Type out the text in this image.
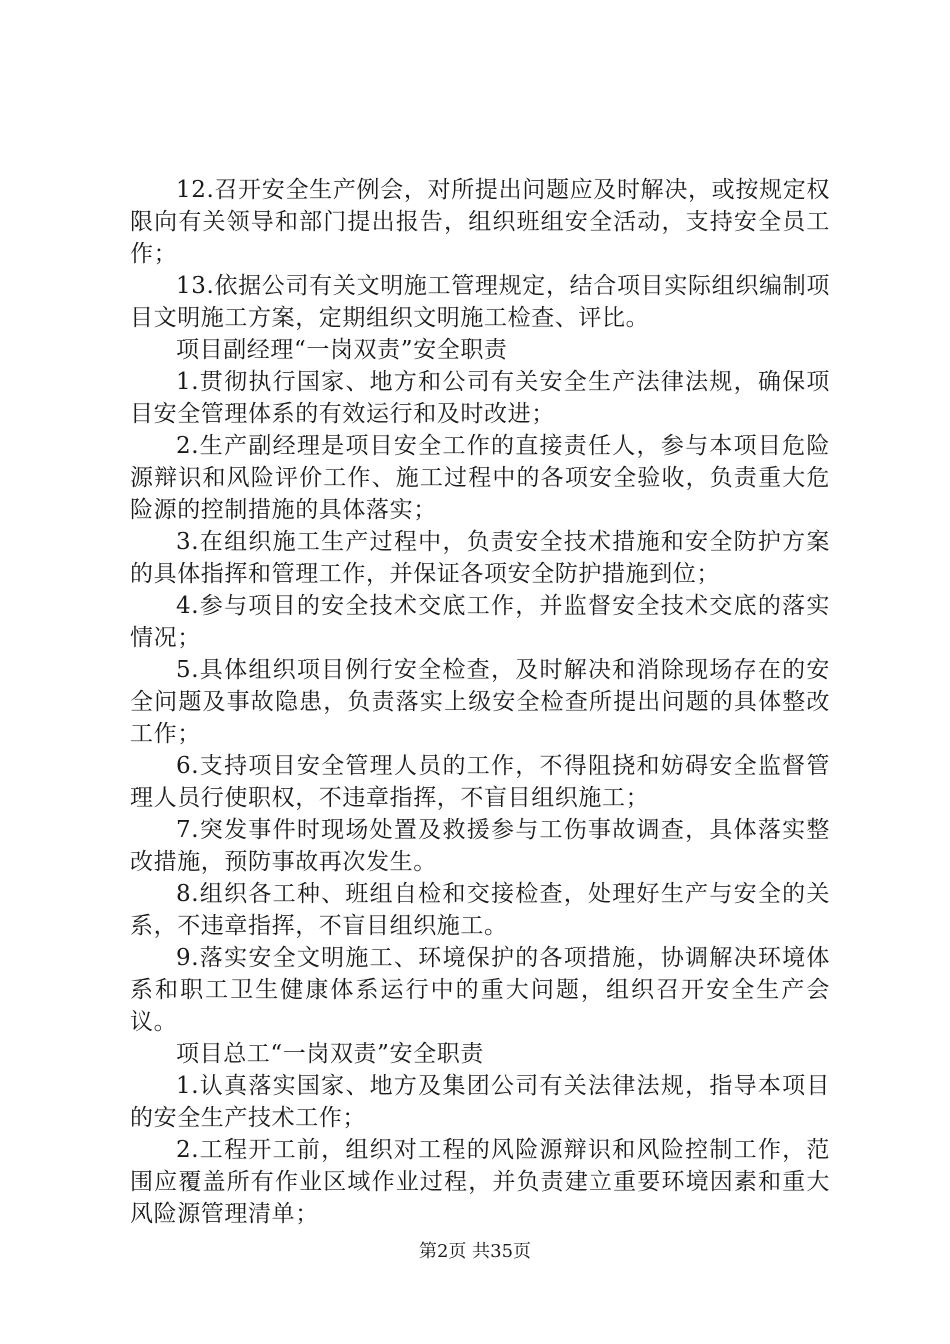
12.召开安全生产例会，对所提出问题应及时解决，或按规定权限向有关领导和部门提出报告，组织班组安全活动，支持安全员工作；

13.依据公司有关文明施工管理规定，结合项目实际组织编制项目文明施工方案，定期组织文明施工检查、评比。

项目副经理“一岗双责”安全职责

1.贯彻执行国家、地方和公司有关安全生产法律法规，确保项目安全管理体系的有效运行和及时改进；

2.生产副经理是项目安全工作的直接责任人，参与本项目危险源辩识和风险评价工作、施工过程中的各项安全验收，负责重大危险源的控制措施的具体落实；

3.在组织施工生产过程中，负责安全技术措施和安全防护方案的具体指挥和管理工作，并保证各项安全防护措施到位；

4.参与项目的安全技术交底工作，并监督安全技术交底的落实情况；

5.具体组织项目例行安全检查，及时解决和消除现场存在的安全问题及事故隐患，负责落实上级安全检查所提出问题的具体整改工作；

6.支持项目安全管理人员的工作，不得阻挠和妨碍安全监督管理人员行使职权，不违章指挥，不盲目组织施工；

7.突发事件时现场处置及救援参与工伤事故调查，具体落实整改措施，预防事故再次发生。

8.组织各工种、班组自检和交接检查，处理好生产与安全的关系，不违章指挥，不盲目组织施工。

9.落实安全文明施工、环境保护的各项措施，协调解决环境体系和职工卫生健康体系运行中的重大问题，组织召开安全生产会议。

项目总工“一岗双责”安全职责

1.认真落实国家、地方及集团公司有关法律法规，指导本项目的安全生产技术工作；

2.工程开工前，组织对工程的风险源辩识和风险控制工作，范围应覆盖所有作业区域作业过程，并负责建立重要环境因素和重大风险源管理清单；

第2页 共35页
